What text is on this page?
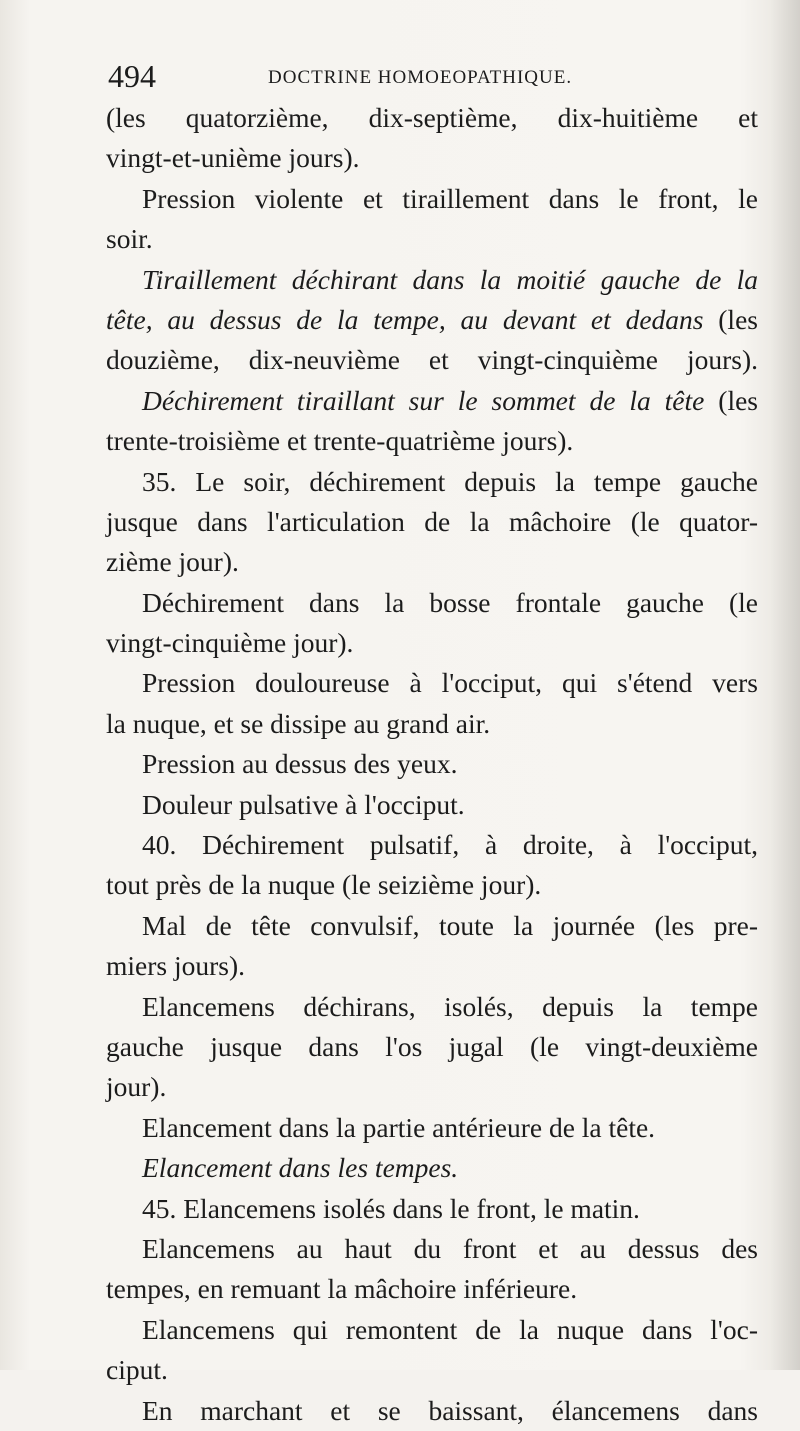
494	DOCTRINE HOMOEOPATHIQUE.
(les quatorzième, dix-septième, dix-huitième et
vingt-et-unième jours).
Pression violente et tiraillement dans le front, le
soir.
Tiraillement déchirant dans la moitié gauche de la
tête, au dessus de la tempe, au devant et dedans (les
douzième, dix-neuvième et vingt-cinquième jours).
Déchirement tiraillant sur le sommet de la tête (les
trente-troisième et trente-quatrième jours).
35. Le soir, déchirement depuis la tempe gauche
jusque dans l'articulation de la mâchoire (le quator-
zième jour).
Déchirement dans la bosse frontale gauche (le
vingt-cinquième jour).
Pression douloureuse à l'occiput, qui s'étend vers
la nuque, et se dissipe au grand air.
Pression au dessus des yeux.
Douleur pulsative à l'occiput.
40. Déchirement pulsatif, à droite, à l'occiput,
tout près de la nuque (le seizième jour).
Mal de tête convulsif, toute la journée (les pre-
miers jours).
Elancemens déchirans, isolés, depuis la tempe
gauche jusque dans l'os jugal (le vingt-deuxième
jour).
Elancement dans la partie antérieure de la tête.
Elancement dans les tempes.
45. Elancemens isolés dans le front, le matin.
Elancemens au haut du front et au dessus des
tempes, en remuant la mâchoire inférieure.
Elancemens qui remontent de la nuque dans l'oc-
ciput.
En marchant et se baissant, élancemens dans
